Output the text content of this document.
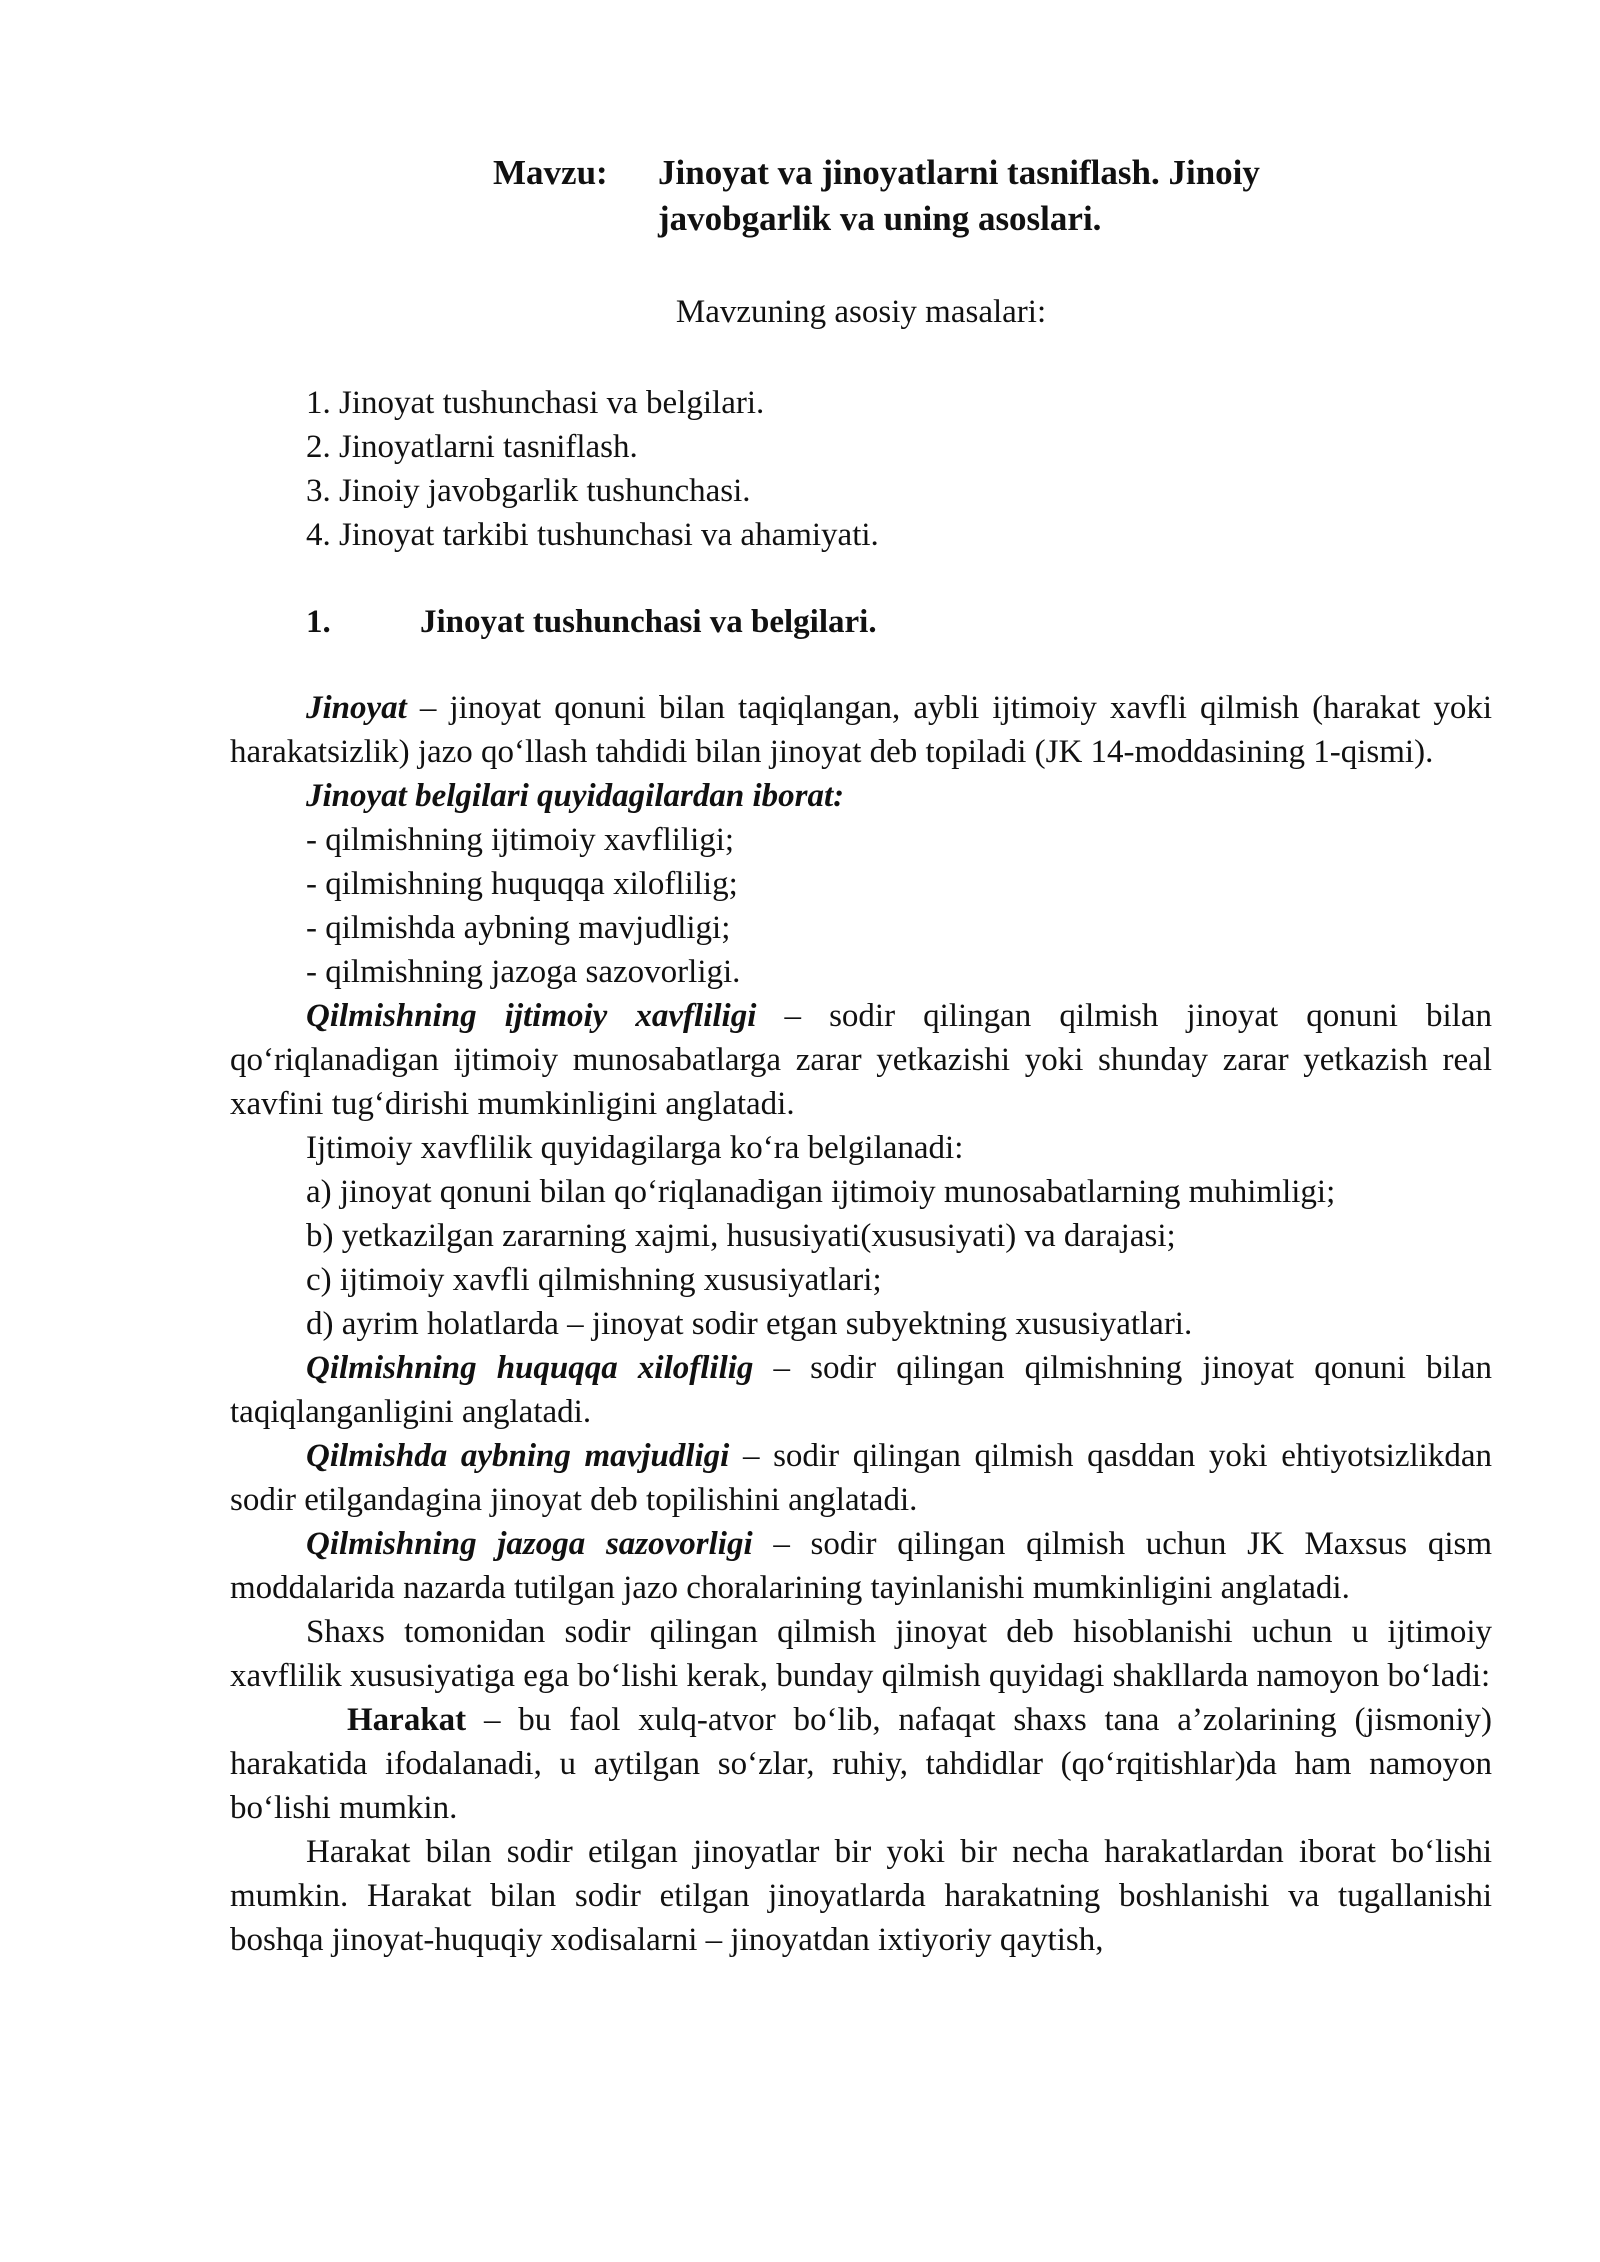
Mavzu: Jinoyat va jinoyatlarni tasniflash. Jinoiy
javobgarlik va uning asoslari.
Mavzuning asosiy masalari:
1. Jinoyat tushunchasi va belgilari.
2. Jinoyatlarni tasniflash.
3. Jinoiy javobgarlik tushunchasi.
4. Jinoyat tarkibi tushunchasi va ahamiyati.
1.	Jinoyat tushunchasi va belgilari.

Jinoyat – jinoyat qonuni bilan taqiqlangan, aybli ijtimoiy xavfli qilmish (harakat yoki harakatsizlik) jazo qo‘llash tahdidi bilan jinoyat deb topiladi (JK 14-moddasining 1-qismi).

Jinoyat belgilari quyidagilardan iborat:

- qilmishning ijtimoiy xavfliligi;
- qilmishning huquqqa xiloflilig;
- qilmishda aybning mavjudligi;
- qilmishning jazoga sazovorligi.

Qilmishning ijtimoiy xavfliligi – sodir qilingan qilmish jinoyat qonuni bilan qo‘riqlanadigan ijtimoiy munosabatlarga zarar yetkazishi yoki shunday zarar yetkazish real xavfini tug‘dirishi mumkinligini anglatadi.

Ijtimoiy xavflilik quyidagilarga ko‘ra belgilanadi:

a) jinoyat qonuni bilan qo‘riqlanadigan ijtimoiy munosabatlarning muhimligi;
b) yetkazilgan zararning xajmi, hususiyati(xususiyati) va darajasi;
c) ijtimoiy xavfli qilmishning xususiyatlari;
d) ayrim holatlarda – jinoyat sodir etgan subyektning xususiyatlari.

Qilmishning huquqqa xiloflilig – sodir qilingan qilmishning jinoyat qonuni bilan taqiqlanganligini anglatadi.

Qilmishda aybning mavjudligi – sodir qilingan qilmish qasddan yoki ehtiyotsizlikdan sodir etilgandagina jinoyat deb topilishini anglatadi.

Qilmishning jazoga sazovorligi – sodir qilingan qilmish uchun JK Maxsus qism moddalarida nazarda tutilgan jazo choralarining tayinlanishi mumkinligini anglatadi.

Shaxs tomonidan sodir qilingan qilmish jinoyat deb hisoblanishi uchun u ijtimoiy xavflilik xususiyatiga ega bo‘lishi kerak, bunday qilmish quyidagi shakllarda namoyon bo‘ladi:

Harakat – bu faol xulq-atvor bo‘lib, nafaqat shaxs tana a’zolarining (jismoniy) harakatida ifodalanadi, u aytilgan so‘zlar, ruhiy, tahdidlar (qo‘rqitishlar)da ham namoyon bo‘lishi mumkin.

Harakat bilan sodir etilgan jinoyatlar bir yoki bir necha harakatlardan iborat bo‘lishi mumkin. Harakat bilan sodir etilgan jinoyatlarda harakatning boshlanishi va tugallanishi boshqa jinoyat-huquqiy xodisalarni – jinoyatdan ixtiyoriy qaytish,
